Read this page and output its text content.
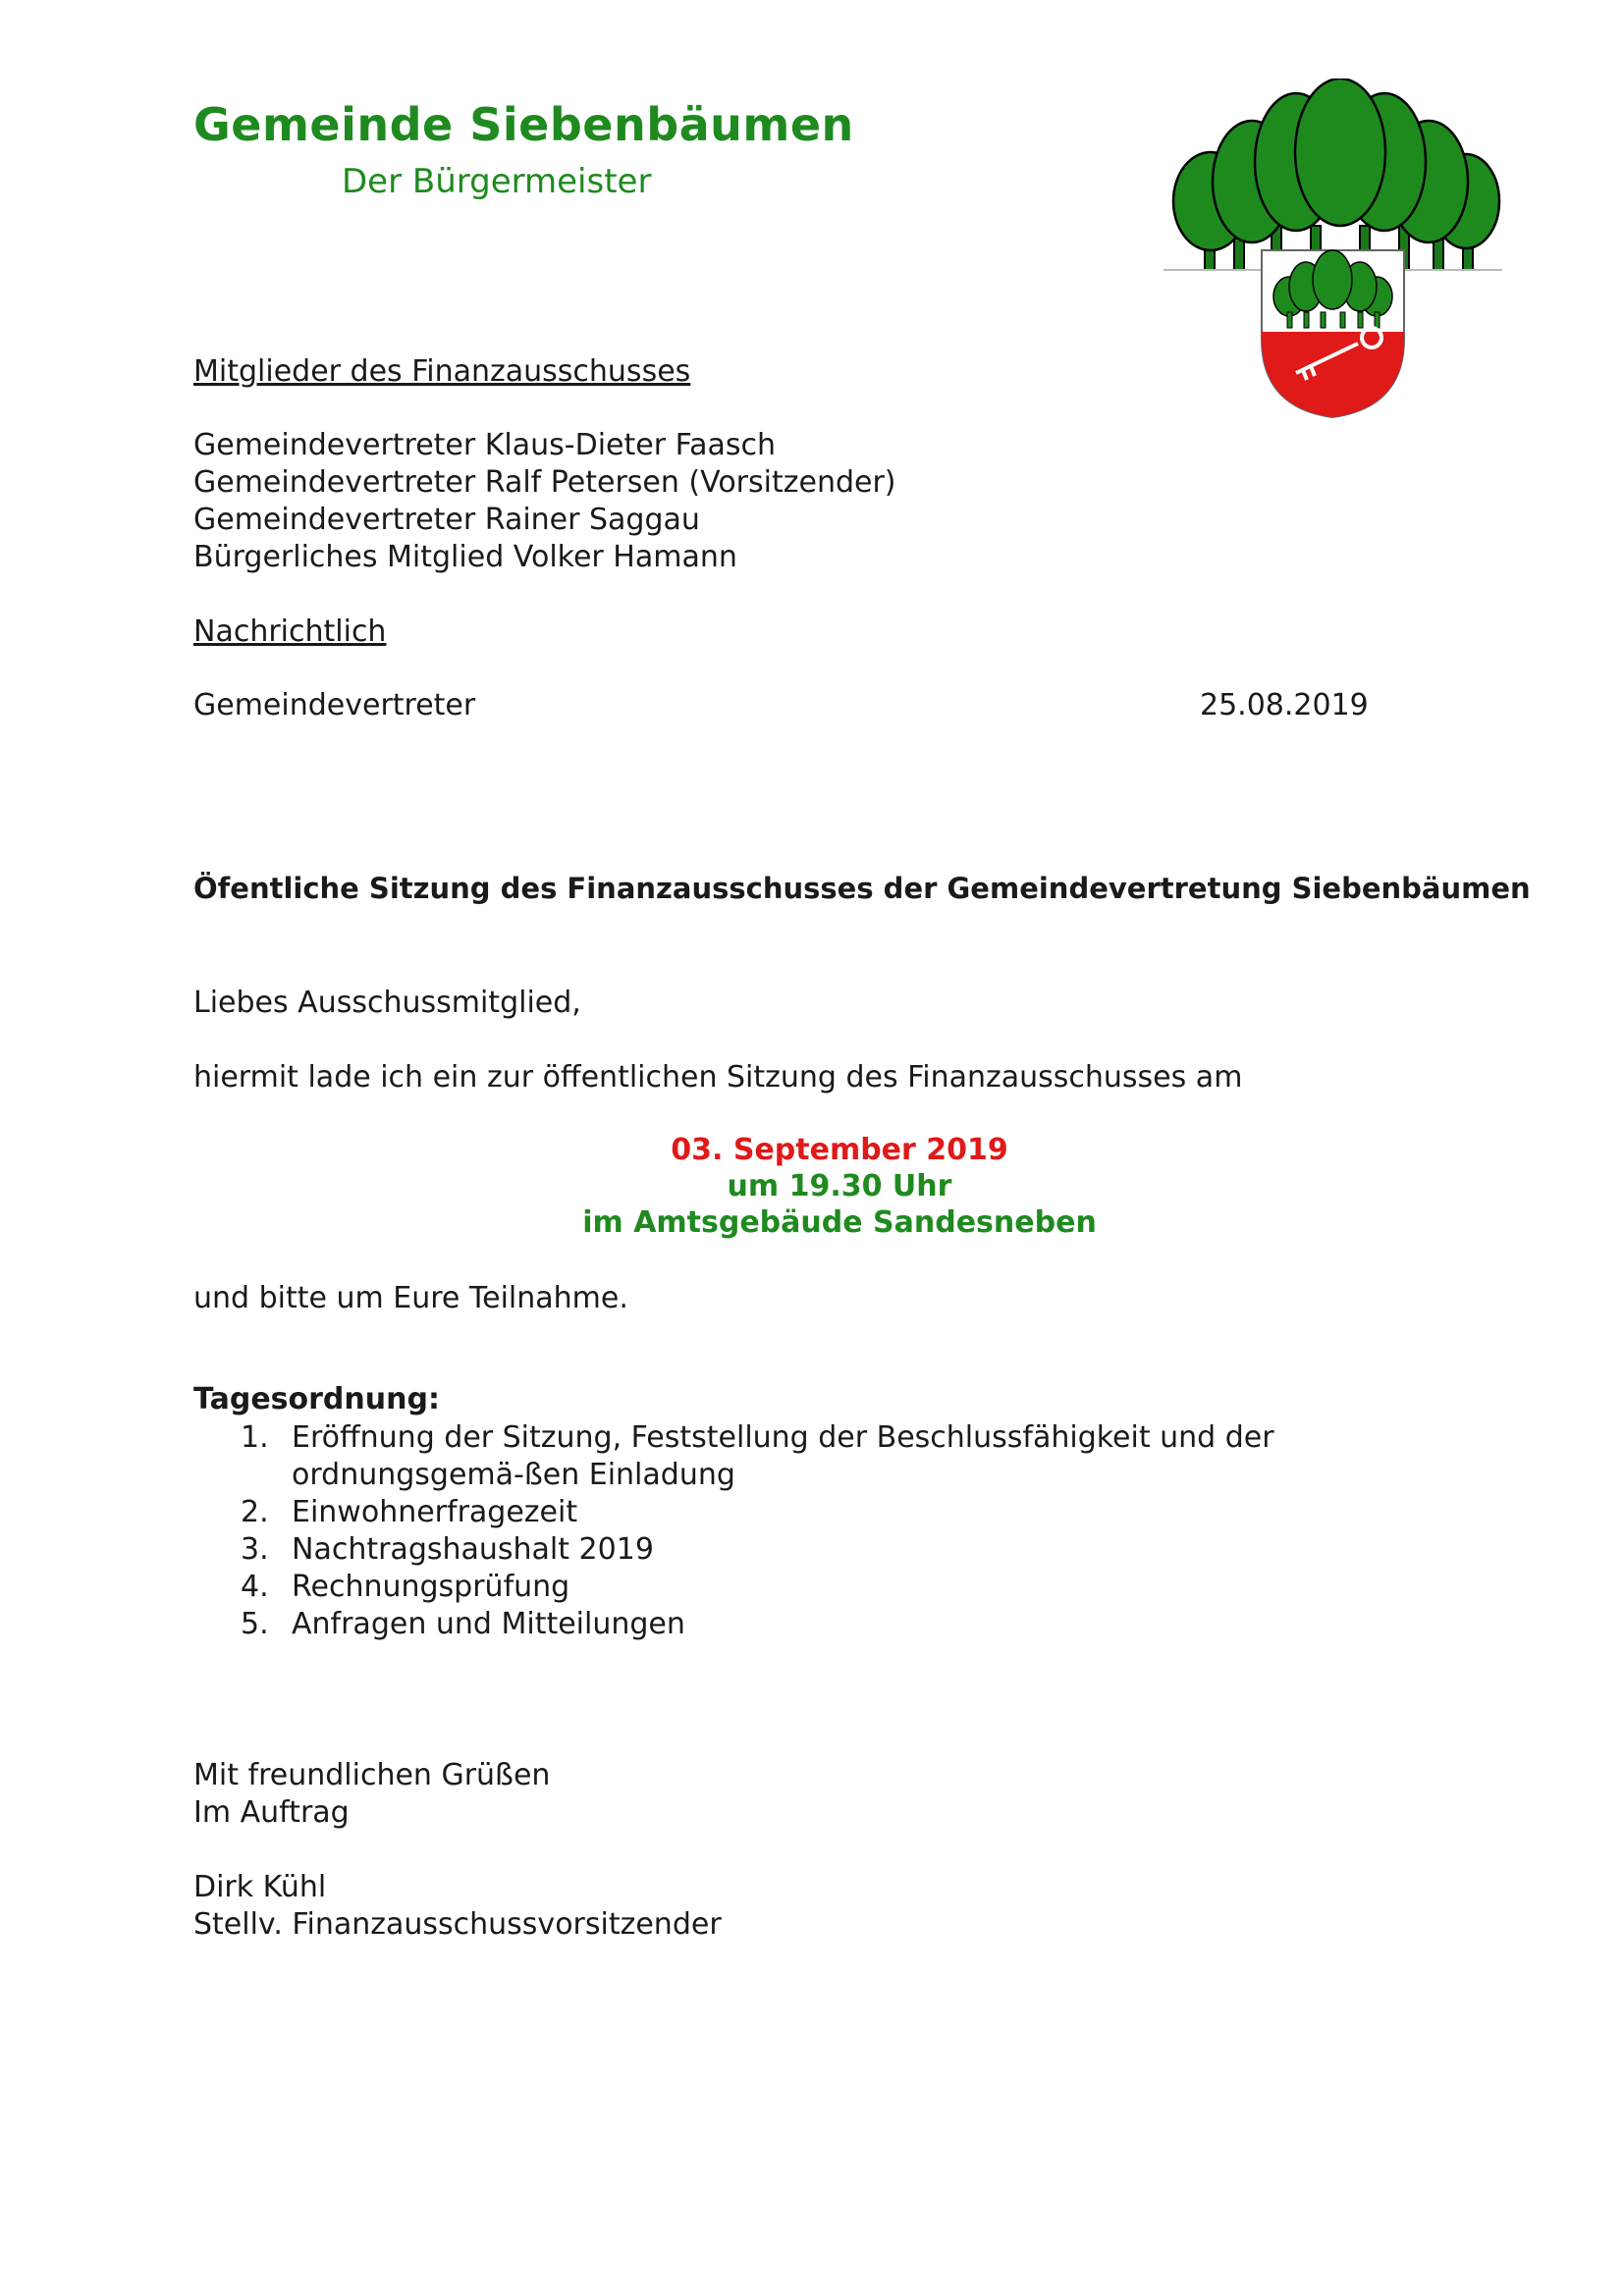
Gemeinde Siebenbäumen
Der Bürgermeister
Mitglieder des Finanzausschusses
Gemeindevertreter Klaus-Dieter Faasch
Gemeindevertreter Ralf Petersen (Vorsitzender)
Gemeindevertreter Rainer Saggau
Bürgerliches Mitglied Volker Hamann
Nachrichtlich
Gemeindevertreter	25.08.2019
Öfentliche Sitzung des Finanzausschusses der Gemeindevertretung Siebenbäumen
Liebes Ausschussmitglied,
hiermit lade ich ein zur öffentlichen Sitzung des Finanzausschusses am
03. September 2019
um 19.30 Uhr
im Amtsgebäude Sandesneben
und bitte um Eure Teilnahme.
Tagesordnung:
1. Eröffnung der Sitzung, Feststellung der Beschlussfähigkeit und der ordnungsgemä-ßen Einladung
2. Einwohnerfragezeit
3. Nachtragshaushalt 2019
4. Rechnungsprüfung
5. Anfragen und Mitteilungen
Mit freundlichen Grüßen
Im Auftrag
Dirk Kühl
Stellv. Finanzausschussvorsitzender
